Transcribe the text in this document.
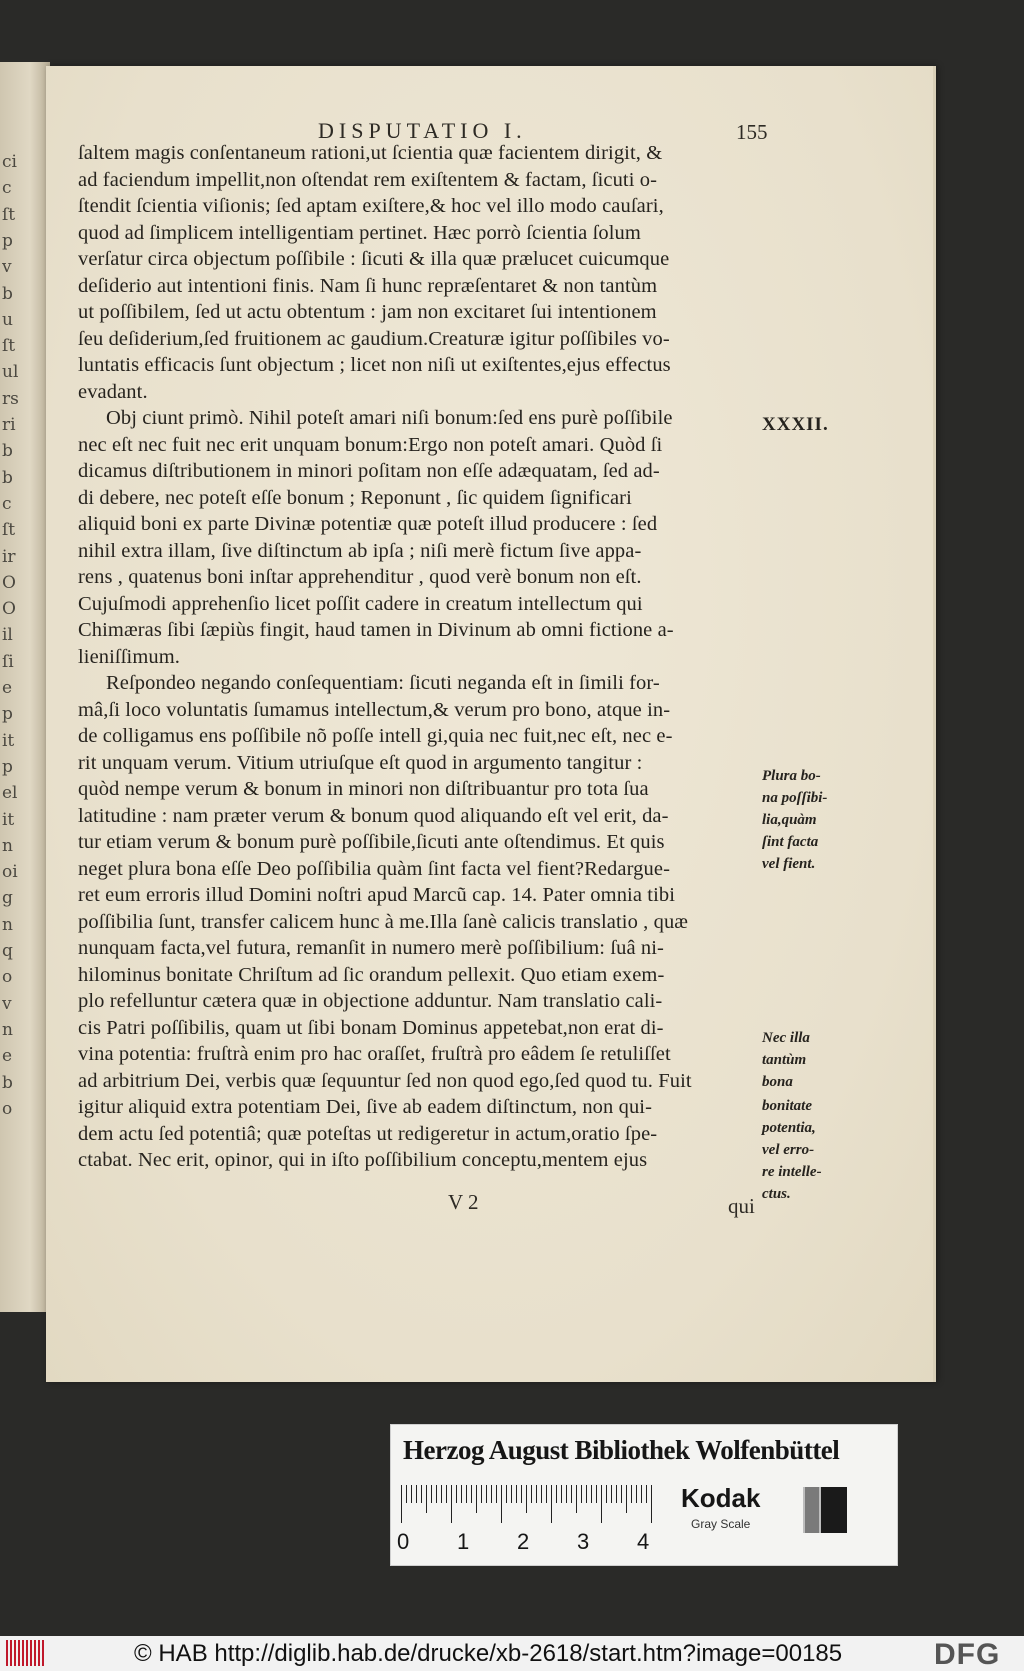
ci
c
ſt
p
v
b
u
ſt
ul
rs
ri
b
b
c
ſt
ir
O
O
il
ſi
e
p
it
p
el
it
n
oi
g
n
q
o
v
n
e
b
o
DISPUTATIO I.	155
ſaltem magis conſentaneum rationi,ut ſcientia quæ facientem dirigit, &
ad faciendum impellit,non oſtendat rem exiſtentem & factam, ſicuti o-
ſtendit ſcientia viſionis; ſed aptam exiſtere,& hoc vel illo modo cauſari,
quod ad ſimplicem intelligentiam pertinet. Hæc porrò ſcientia ſolum
verſatur circa objectum poſſibile : ſicuti & illa quæ prælucet cuicumque
deſiderio aut intentioni finis. Nam ſi hunc repræſentaret & non tantùm
ut poſſibilem, ſed ut actu obtentum : jam non excitaret ſui intentionem
ſeu deſiderium,ſed fruitionem ac gaudium.Creaturæ igitur poſſibiles vo-
luntatis efficacis ſunt objectum ; licet non niſi ut exiſtentes,ejus effectus
evadant.
Obj ciunt primò. Nihil poteſt amari niſi bonum:ſed ens purè poſſibile
nec eſt nec fuit nec erit unquam bonum:Ergo non poteſt amari. Quòd ſi
dicamus diſtributionem in minori poſitam non eſſe adæquatam, ſed ad-
di debere, nec poteſt eſſe bonum ; Reponunt , ſic quidem ſignificari
aliquid boni ex parte Divinæ potentiæ quæ poteſt illud producere : ſed
nihil extra illam, ſive diſtinctum ab ipſa ; niſi merè fictum ſive appa-
rens , quatenus boni inſtar apprehenditur , quod verè bonum non eſt.
Cujuſmodi apprehenſio licet poſſit cadere in creatum intellectum qui
Chimæras ſibi ſæpiùs fingit, haud tamen in Divinum ab omni fictione a-
lieniſſimum.
Reſpondeo negando conſequentiam: ſicuti neganda eſt in ſimili for-
mâ,ſi loco voluntatis ſumamus intellectum,& verum pro bono, atque in-
de colligamus ens poſſibile nõ poſſe intell gi,quia nec fuit,nec eſt, nec e-
rit unquam verum. Vitium utriuſque eſt quod in argumento tangitur :
quòd nempe verum & bonum in minori non diſtribuantur pro tota ſua
latitudine : nam præter verum & bonum quod aliquando eſt vel erit, da-
tur etiam verum & bonum purè poſſibile,ſicuti ante oſtendimus. Et quis
neget plura bona eſſe Deo poſſibilia quàm ſint facta vel fient?Redargue-
ret eum erroris illud Domini noſtri apud Marcũ cap. 14. Pater omnia tibi
poſſibilia ſunt, transfer calicem hunc à me.Illa ſanè calicis translatio , quæ
nunquam facta,vel futura, remanſit in numero merè poſſibilium: ſuâ ni-
hilominus bonitate Chriſtum ad ſic orandum pellexit. Quo etiam exem-
plo refelluntur cætera quæ in objectione adduntur. Nam translatio cali-
cis Patri poſſibilis, quam ut ſibi bonam Dominus appetebat,non erat di-
vina potentia: fruſtrà enim pro hac oraſſet, fruſtrà pro eâdem ſe retuliſſet
ad arbitrium Dei, verbis quæ ſequuntur ſed non quod ego,ſed quod tu. Fuit
igitur aliquid extra potentiam Dei, ſive ab eadem diſtinctum, non qui-
dem actu ſed potentiâ; quæ poteſtas ut redigeretur in actum,oratio ſpe-
ctabat. Nec erit, opinor, qui in iſto poſſibilium conceptu,mentem ejus
XXXII.
Plura bo-
na poſſibi-
lia,quàm
ſint facta
vel fient.
Nec illa
tantùm
bona
bonitate
potentia,
vel erro-
re intelle-
ctus.
V 2	qui
Herzog August Bibliothek Wolfenbüttel
0 1 2 3 4
Kodak
Gray Scale
© HAB http://diglib.hab.de/drucke/xb-2618/start.htm?image=00185	DFG
